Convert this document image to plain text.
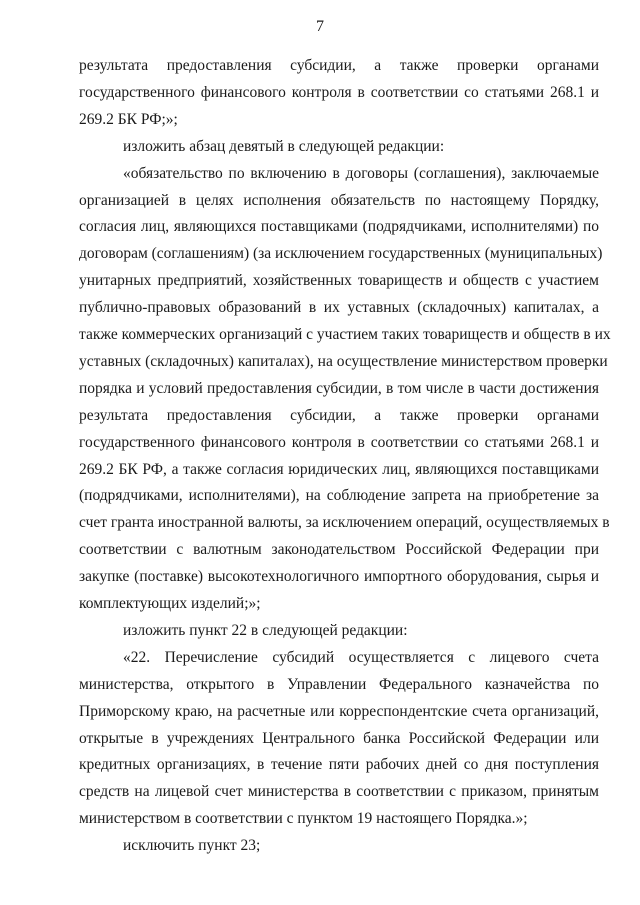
7
результата предоставления субсидии, а также проверки органами
государственного финансового контроля в соответствии со статьями 268.1 и
269.2 БК РФ;»;
изложить абзац девятый в следующей редакции:
«обязательство по включению в договоры (соглашения), заключаемые
организацией в целях исполнения обязательств по настоящему Порядку,
согласия лиц, являющихся поставщиками (подрядчиками, исполнителями) по
договорам (соглашениям) (за исключением государственных (муниципальных)
унитарных предприятий, хозяйственных товариществ и обществ с участием
публично-правовых образований в их уставных (складочных) капиталах, а
также коммерческих организаций с участием таких товариществ и обществ в их
уставных (складочных) капиталах), на осуществление министерством проверки
порядка и условий предоставления субсидии, в том числе в части достижения
результата предоставления субсидии, а также проверки органами
государственного финансового контроля в соответствии со статьями 268.1 и
269.2 БК РФ, а также согласия юридических лиц, являющихся поставщиками
(подрядчиками, исполнителями), на соблюдение запрета на приобретение за
счет гранта иностранной валюты, за исключением операций, осуществляемых в
соответствии с валютным законодательством Российской Федерации при
закупке (поставке) высокотехнологичного импортного оборудования, сырья и
комплектующих изделий;»;
изложить пункт 22 в следующей редакции:
«22. Перечисление субсидий осуществляется с лицевого счета
министерства, открытого в Управлении Федерального казначейства по
Приморскому краю, на расчетные или корреспондентские счета организаций,
открытые в учреждениях Центрального банка Российской Федерации или
кредитных организациях, в течение пяти рабочих дней со дня поступления
средств на лицевой счет министерства в соответствии с приказом, принятым
министерством в соответствии с пунктом 19 настоящего Порядка.»;
исключить пункт 23;
